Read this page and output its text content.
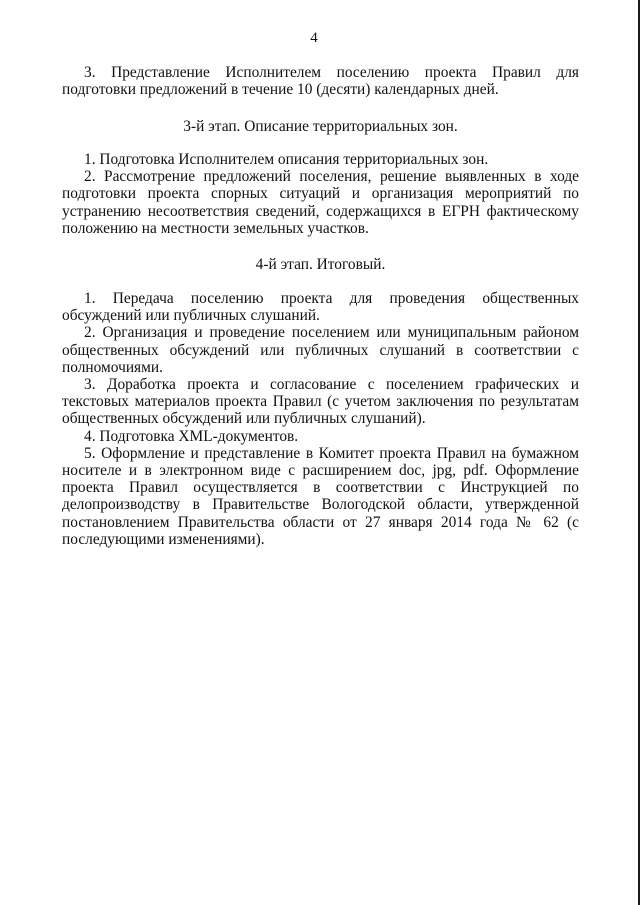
4

3. Представление Исполнителем поселению проекта Правил для подготовки предложений в течение 10 (десяти) календарных дней.

3-й этап. Описание территориальных зон.

1. Подготовка Исполнителем описания территориальных зон.

2. Рассмотрение предложений поселения, решение выявленных в ходе подготовки проекта спорных ситуаций и организация мероприятий по устранению несоответствия сведений, содержащихся в ЕГРН фактическому положению на местности земельных участков.

4-й этап. Итоговый.

1. Передача поселению проекта для проведения общественных обсуждений или публичных слушаний.

2. Организация и проведение поселением или муниципальным районом общественных обсуждений или публичных слушаний в соответствии с полномочиями.

3. Доработка проекта и согласование с поселением графических и текстовых материалов проекта Правил (с учетом заключения по результатам общественных обсуждений или публичных слушаний).

4. Подготовка XML-документов.

5. Оформление и представление в Комитет проекта Правил на бумажном носителе и в электронном виде с расширением doc, jpg, pdf. Оформление проекта Правил осуществляется в соответствии с Инструкцией по делопроизводству в Правительстве Вологодской области, утвержденной постановлением Правительства области от 27 января 2014 года № 62 (с последующими изменениями).
